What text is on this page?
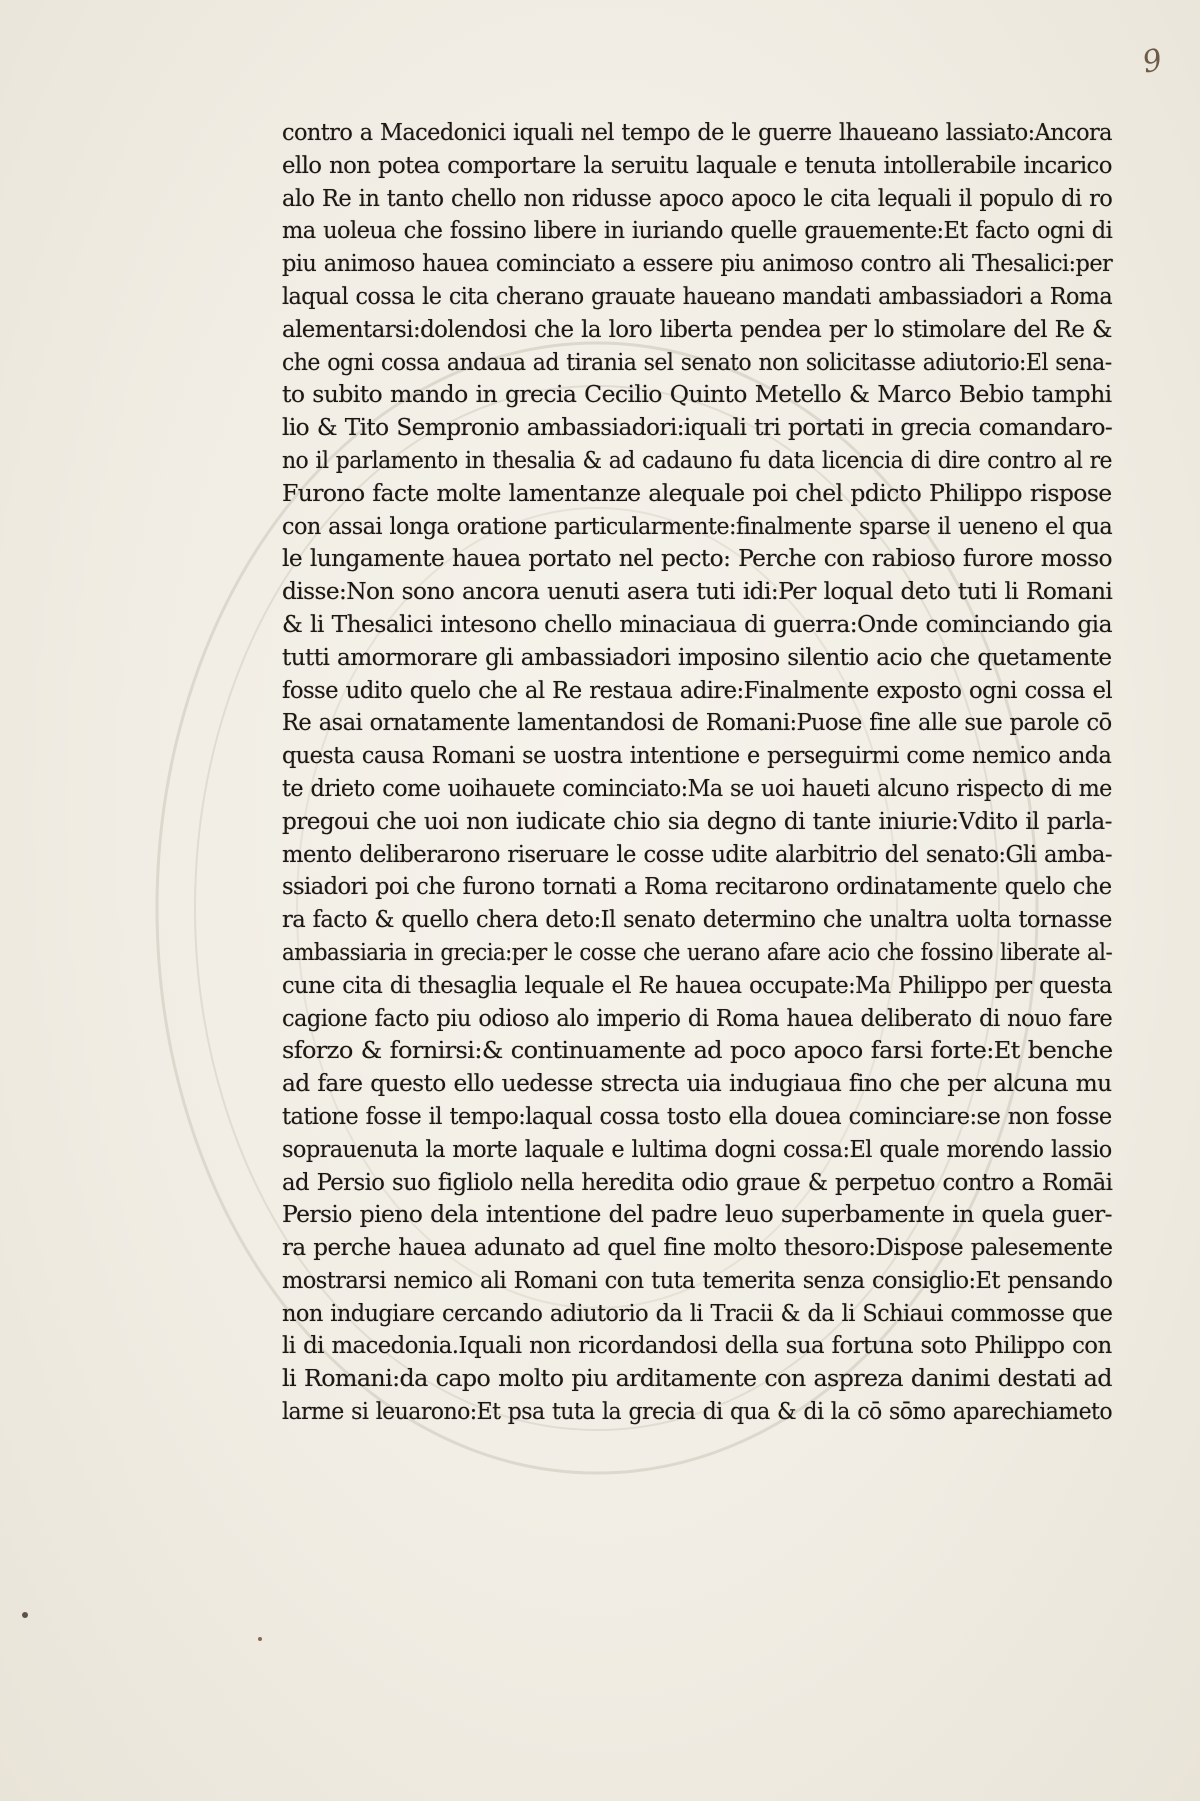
9
contro a Macedonici iquali nel tempo de le guerre lhaueano lassiato:Ancora
ello non potea comportare la seruitu laquale e tenuta intollerabile incarico
alo Re in tanto chello non ridusse apoco apoco le cita lequali il populo di ro
ma uoleua che fossino libere in iuriando quelle grauemente:Et facto ogni di
piu animoso hauea cominciato a essere piu animoso contro ali Thesalici:per
laqual cossa le cita cherano grauate haueano mandati ambassiadori a Roma
alementarsi:dolendosi che la loro liberta pendea per lo stimolare del Re &
che ogni cossa andaua ad tirania sel senato non solicitasse adiutorio:El sena-
to subito mando in grecia Cecilio Quinto Metello & Marco Bebio tamphi
lio & Tito Sempronio ambassiadori:iquali tri portati in grecia comandaro-
no il parlamento in thesalia & ad cadauno fu data licencia di dire contro al re
Furono facte molte lamentanze alequale poi chel pdicto Philippo rispose
con assai longa oratione particularmente:finalmente sparse il ueneno el qua
le lungamente hauea portato nel pecto: Perche con rabioso furore mosso
disse:Non sono ancora uenuti asera tuti idi:Per loqual deto tuti li Romani
& li Thesalici intesono chello minaciaua di guerra:Onde cominciando gia
tutti amormorare gli ambassiadori imposino silentio acio che quetamente
fosse udito quelo che al Re restaua adire:Finalmente exposto ogni cossa el
Re asai ornatamente lamentandosi de Romani:Puose fine alle sue parole cō
questa causa Romani se uostra intentione e perseguirmi come nemico anda
te drieto come uoihauete cominciato:Ma se uoi haueti alcuno rispecto di me
pregoui che uoi non iudicate chio sia degno di tante iniurie:Vdito il parla-
mento deliberarono riseruare le cosse udite alarbitrio del senato:Gli amba-
ssiadori poi che furono tornati a Roma recitarono ordinatamente quelo che
ra facto & quello chera deto:Il senato determino che unaltra uolta tornasse
ambassiaria in grecia:per le cosse che uerano afare acio che fossino liberate al-
cune cita di thesaglia lequale el Re hauea occupate:Ma Philippo per questa
cagione facto piu odioso alo imperio di Roma hauea deliberato di nouo fare
sforzo & fornirsi:& continuamente ad poco apoco farsi forte:Et benche
ad fare questo ello uedesse strecta uia indugiaua fino che per alcuna mu
tatione fosse il tempo:laqual cossa tosto ella douea cominciare:se non fosse
soprauenuta la morte laquale e lultima dogni cossa:El quale morendo lassio
ad Persio suo figliolo nella heredita odio graue & perpetuo contro a Romāi
Persio pieno dela intentione del padre leuo superbamente in quela guer-
ra perche hauea adunato ad quel fine molto thesoro:Dispose palesemente
mostrarsi nemico ali Romani con tuta temerita senza consiglio:Et pensando
non indugiare cercando adiutorio da li Tracii & da li Schiaui commosse que
li di macedonia.Iquali non ricordandosi della sua fortuna soto Philippo con
li Romani:da capo molto piu arditamente con aspreza danimi destati ad
larme si leuarono:Et psa tuta la grecia di qua & di la cō sōmo aparechiameto
